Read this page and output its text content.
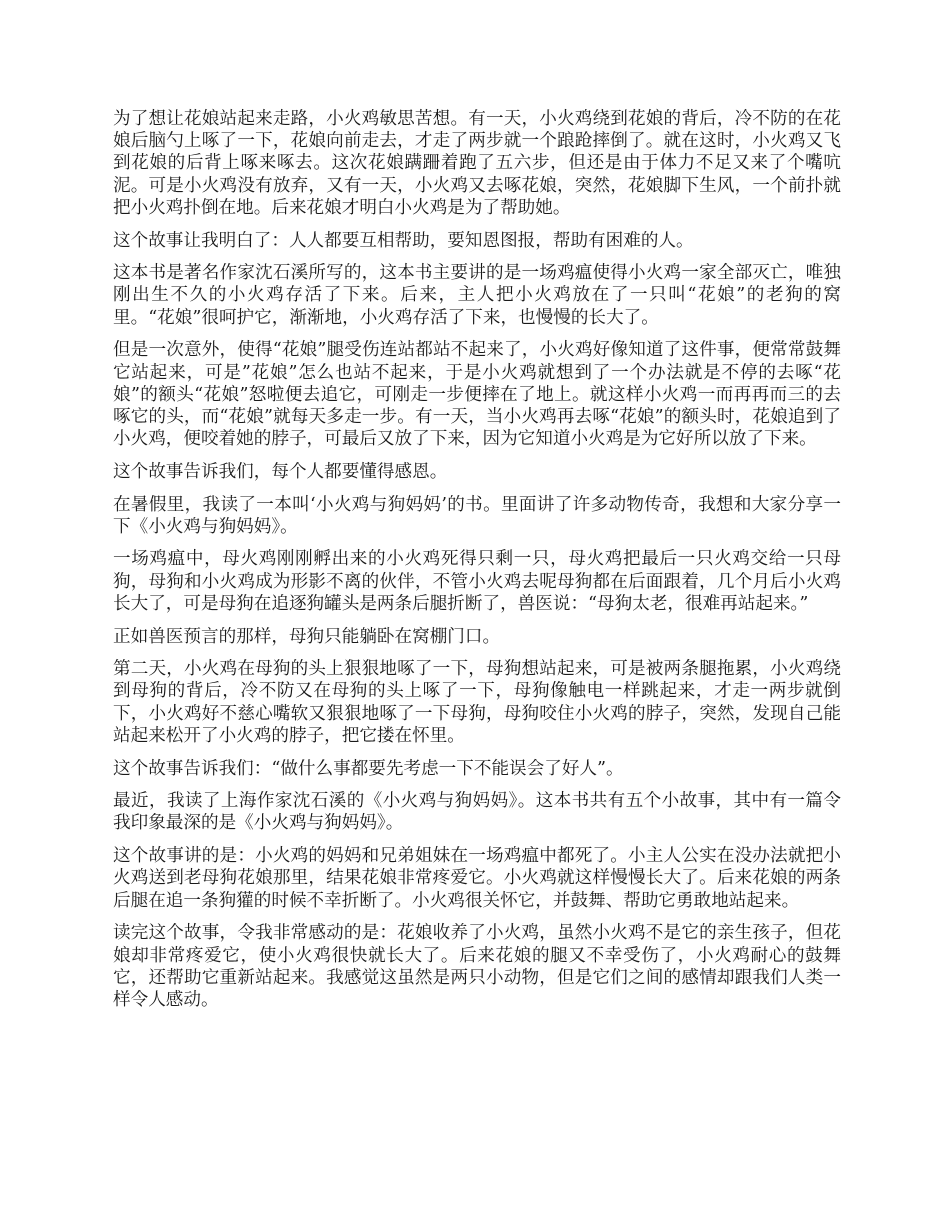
为了想让花娘站起来走路，小火鸡敏思苦想。有一天，小火鸡绕到花娘的背后，冷不防的在花娘后脑勺上啄了一下，花娘向前走去，才走了两步就一个踉跄摔倒了。就在这时，小火鸡又飞到花娘的后背上啄来啄去。这次花娘蹒跚着跑了五六步，但还是由于体力不足又来了个嘴吭泥。可是小火鸡没有放弃，又有一天，小火鸡又去啄花娘，突然，花娘脚下生风，一个前扑就把小火鸡扑倒在地。后来花娘才明白小火鸡是为了帮助她。

这个故事让我明白了：人人都要互相帮助，要知恩图报，帮助有困难的人。

这本书是著名作家沈石溪所写的，这本书主要讲的是一场鸡瘟使得小火鸡一家全部灭亡，唯独刚出生不久的小火鸡存活了下来。后来，主人把小火鸡放在了一只叫“花娘”的老狗的窝里。“花娘”很呵护它，渐渐地，小火鸡存活了下来，也慢慢的长大了。

但是一次意外，使得“花娘”腿受伤连站都站不起来了，小火鸡好像知道了这件事，便常常鼓舞它站起来，可是”花娘”怎么也站不起来，于是小火鸡就想到了一个办法就是不停的去啄“花娘”的额头“花娘”怒啦便去追它，可刚走一步便摔在了地上。就这样小火鸡一而再再而三的去啄它的头，而“花娘”就每天多走一步。有一天，当小火鸡再去啄“花娘”的额头时，花娘追到了小火鸡，便咬着她的脖子，可最后又放了下来，因为它知道小火鸡是为它好所以放了下来。

这个故事告诉我们，每个人都要懂得感恩。

在暑假里，我读了一本叫‘小火鸡与狗妈妈’的书。里面讲了许多动物传奇，我想和大家分享一下《小火鸡与狗妈妈》。

一场鸡瘟中，母火鸡刚刚孵出来的小火鸡死得只剩一只，母火鸡把最后一只火鸡交给一只母狗，母狗和小火鸡成为形影不离的伙伴，不管小火鸡去呢母狗都在后面跟着，几个月后小火鸡长大了，可是母狗在追逐狗罐头是两条后腿折断了，兽医说：“母狗太老，很难再站起来。”

正如兽医预言的那样，母狗只能躺卧在窝棚门口。

第二天，小火鸡在母狗的头上狠狠地啄了一下，母狗想站起来，可是被两条腿拖累，小火鸡绕到母狗的背后，冷不防又在母狗的头上啄了一下，母狗像触电一样跳起来，才走一两步就倒下，小火鸡好不慈心嘴软又狠狠地啄了一下母狗，母狗咬住小火鸡的脖子，突然，发现自己能站起来松开了小火鸡的脖子，把它搂在怀里。

这个故事告诉我们：“做什么事都要先考虑一下不能误会了好人”。

最近，我读了上海作家沈石溪的《小火鸡与狗妈妈》。这本书共有五个小故事，其中有一篇令我印象最深的是《小火鸡与狗妈妈》。

这个故事讲的是：小火鸡的妈妈和兄弟姐妹在一场鸡瘟中都死了。小主人公实在没办法就把小火鸡送到老母狗花娘那里，结果花娘非常疼爱它。小火鸡就这样慢慢长大了。后来花娘的两条后腿在追一条狗獾的时候不幸折断了。小火鸡很关怀它，并鼓舞、帮助它勇敢地站起来。

读完这个故事，令我非常感动的是：花娘收养了小火鸡，虽然小火鸡不是它的亲生孩子，但花娘却非常疼爱它，使小火鸡很快就长大了。后来花娘的腿又不幸受伤了，小火鸡耐心的鼓舞它，还帮助它重新站起来。我感觉这虽然是两只小动物，但是它们之间的感情却跟我们人类一样令人感动。
